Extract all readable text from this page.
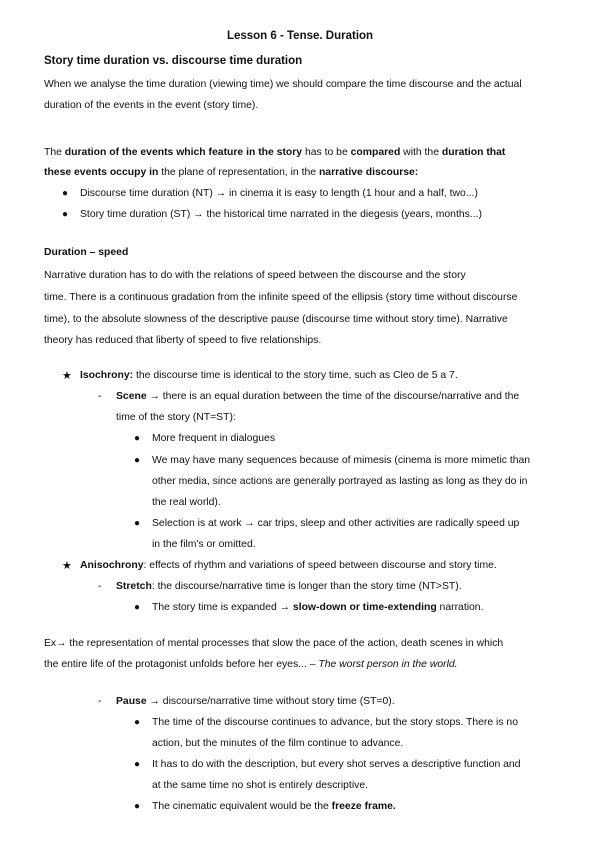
Lesson 6 - Tense. Duration
Story time duration vs. discourse time duration
When we analyse the time duration (viewing time) we should compare the time discourse and the actual
duration of the events in the event (story time).
The duration of the events which feature in the story has to be compared with the duration that
these events occupy in the plane of representation, in the narrative discourse:
● Discourse time duration (NT) → in cinema it is easy to length (1 hour and a half, two...)
● Story time duration (ST) → the historical time narrated in the diegesis (years, months...)
Duration – speed
Narrative duration has to do with the relations of speed between the discourse and the story
time. There is a continuous gradation from the infinite speed of the ellipsis (story time without discourse
time), to the absolute slowness of the descriptive pause (discourse time without story time). Narrative
theory has reduced that liberty of speed to five relationships.
★ Isochrony: the discourse time is identical to the story time, such as Cleo de 5 a 7.
- Scene → there is an equal duration between the time of the discourse/narrative and the
time of the story (NT=ST):
● More frequent in dialogues
● We may have many sequences because of mimesis (cinema is more mimetic than
other media, since actions are generally portrayed as lasting as long as they do in
the real world).
● Selection is at work → car trips, sleep and other activities are radically speed up
in the film's or omitted.
★ Anisochrony: effects of rhythm and variations of speed between discourse and story time.
- Stretch: the discourse/narrative time is longer than the story time (NT>ST).
● The story time is expanded → slow-down or time-extending narration.
Ex→ the representation of mental processes that slow the pace of the action, death scenes in which
the entire life of the protagonist unfolds before her eyes... – The worst person in the world.
- Pause → discourse/narrative time without story time (ST=0).
● The time of the discourse continues to advance, but the story stops. There is no
action, but the minutes of the film continue to advance.
● It has to do with the description, but every shot serves a descriptive function and
at the same time no shot is entirely descriptive.
● The cinematic equivalent would be the freeze frame.
